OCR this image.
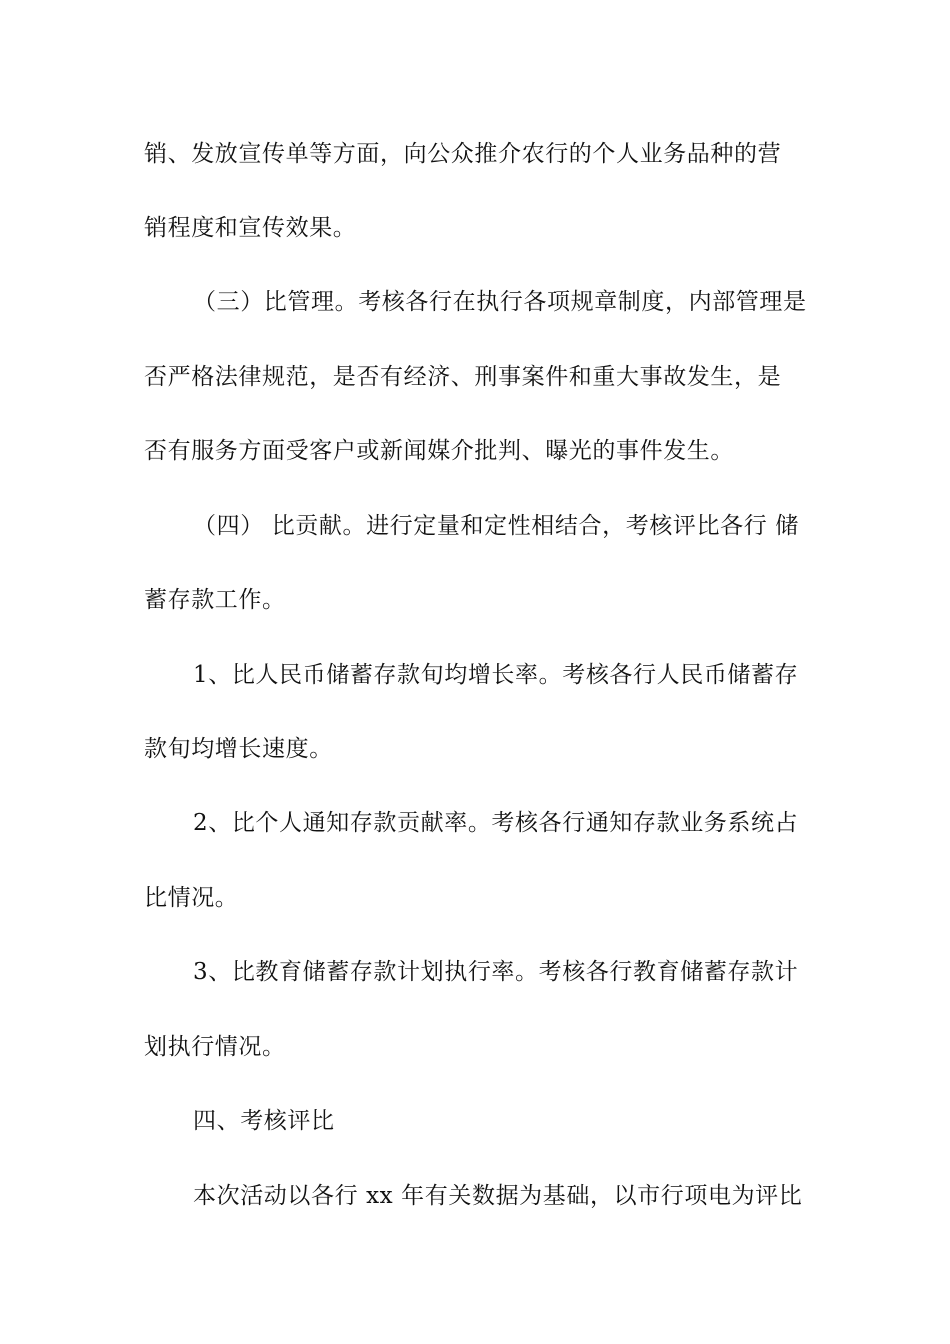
销、发放宣传单等方面，向公众推介农行的个人业务品种的营
销程度和宣传效果。
（三）比管理。考核各行在执行各项规章制度，内部管理是
否严格法律规范，是否有经济、刑事案件和重大事故发生，是
否有服务方面受客户或新闻媒介批判、曝光的事件发生。
（四） 比贡献。进行定量和定性相结合，考核评比各行 储
蓄存款工作。
1、比人民币储蓄存款旬均增长率。考核各行人民币储蓄存
款旬均增长速度。
2、比个人通知存款贡献率。考核各行通知存款业务系统占
比情况。
3、比教育储蓄存款计划执行率。考核各行教育储蓄存款计
划执行情况。
四、考核评比
本次活动以各行 xx 年有关数据为基础，以市行项电为评比
